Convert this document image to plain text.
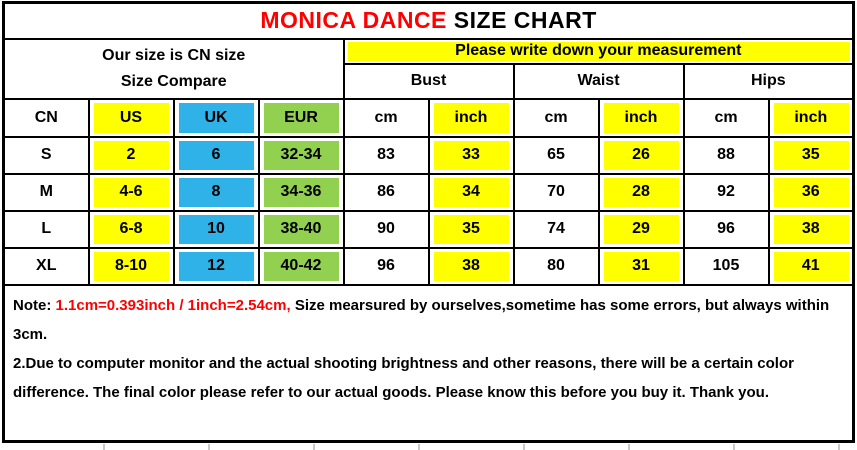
MONICA DANCE SIZE CHART									

Our size is CN size
Size Compare				Please write down your measurement					
				Bust		Waist		Hips	
CN	US	UK	EUR	cm	inch	cm	inch	cm	inch
S	2	6	32-34	83	33	65	26	88	35
M	4-6	8	34-36	86	34	70	28	92	36
L	6-8	10	38-40	90	35	74	29	96	38
XL	8-10	12	40-42	96	38	80	31	105	41

Note: 1.1cm=0.393inch / 1inch=2.54cm, Size mearsured by ourselves,sometime has some errors, but always within 3cm.

2.Due to computer monitor and the actual shooting brightness and other reasons, there will be a certain color difference. The final color please refer to our actual goods. Please know this before you buy it. Thank you.									
